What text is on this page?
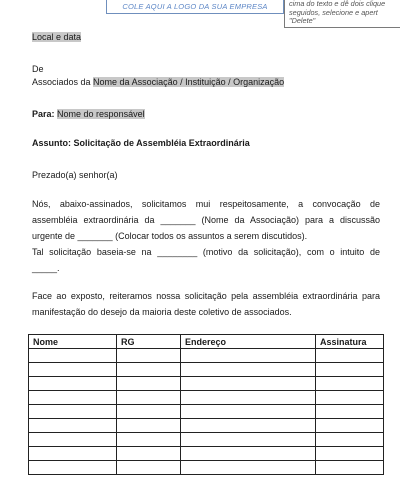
COLE AQUI A LOGO DA SUA EMPRESA	cima do texto e dê dois clique
seguidos, selecione e apert
"Delete"
Local e data
De
Associados da Nome da Associação / Instituição / Organização
Para: Nome do responsável
Assunto: Solicitação de Assembléia Extraordinária
Prezado(a) senhor(a)
Nós, abaixo-assinados, solicitamos mui respeitosamente, a convocação de
assembléia extraordinária da _______ (Nome da Associação) para a discussão
urgente de _______ (Colocar todos os assuntos a serem discutidos).
Tal solicitação baseia-se na ________ (motivo da solicitação), com o intuito de
_____.
Face ao exposto, reiteramos nossa solicitação pela assembléia extraordinária para
manifestação do desejo da maioria deste coletivo de associados.
Nome	RG	Endereço	Assinatura
